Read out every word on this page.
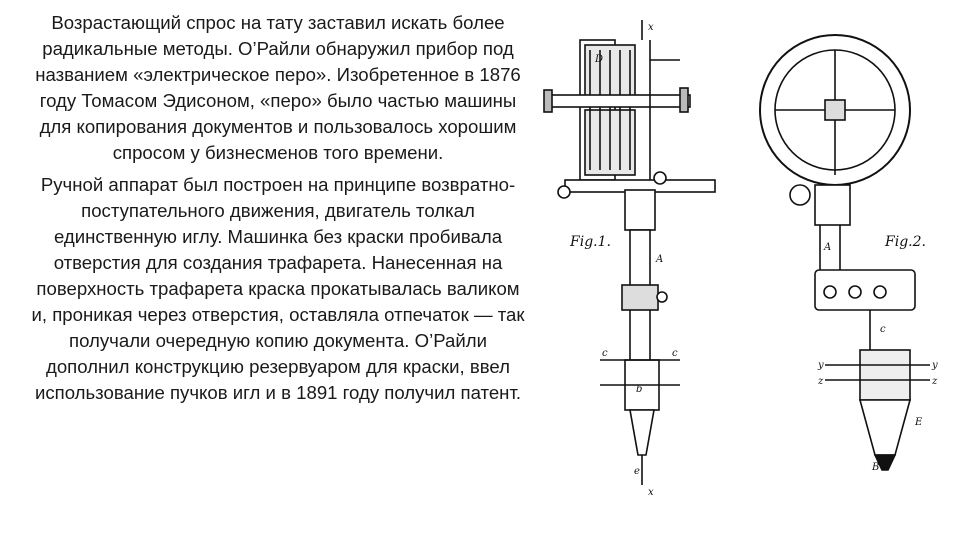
Возрастающий спрос на тату заставил искать более радикальные методы. О’Райли обнаружил прибор под названием «электрическое перо». Изобретенное в 1876 году Томасом Эдисоном, «перо» было частью машины для копирования документов и пользовалось хорошим спросом у бизнесменов того времени.

Ручной аппарат был построен на принципе возвратно-поступательного движения, двигатель толкал единственную иглу. Машинка без краски пробивала отверстия для создания трафарета. Нанесенная на поверхность трафарета краска прокатывалась валиком и, проникая через отверстия, оставляла отпечаток — так получали очередную копию документа. О’Райли дополнил конструкцию резервуаром для краски, ввел использование пучков игл и в 1891 году получил патент.

Fig.1.	Fig.2.
x
D
A
c	c
b
e
x
A
c
y
z
y
z
B
E
